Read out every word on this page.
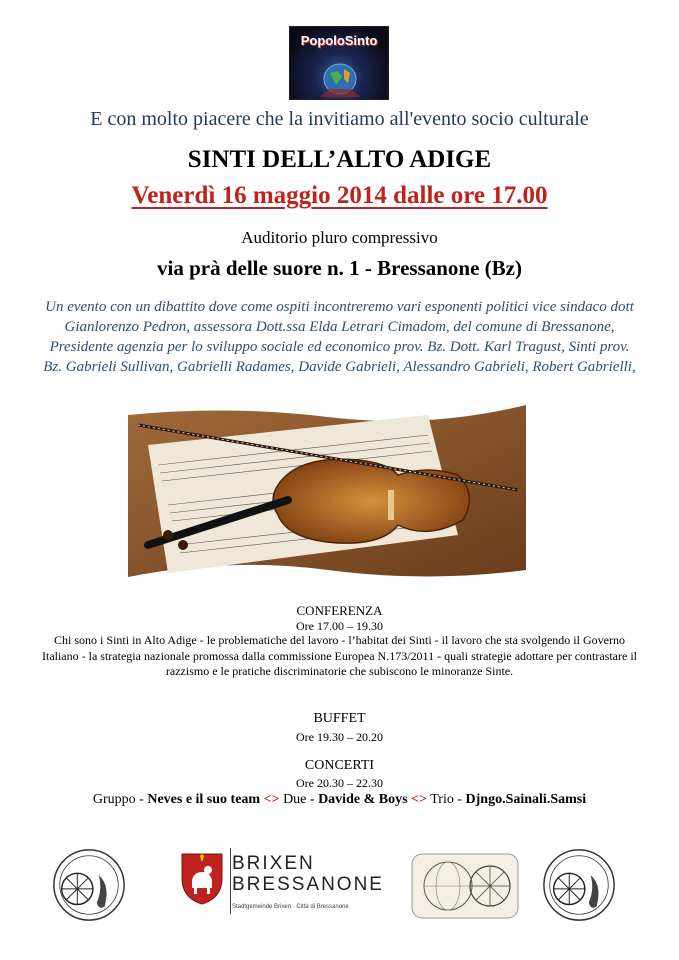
PopoloSinto
E con molto piacere che la invitiamo all'evento socio culturale
SINTI DELL’ALTO ADIGE
Venerdì 16 maggio 2014 dalle ore 17.00
Auditorio pluro compressivo
via prà delle suore n. 1 - Bressanone (Bz)
Un evento con un dibattito dove come ospiti incontreremo vari esponenti politici vice sindaco dott Gianlorenzo Pedron, assessora Dott.ssa Elda Letrari Cimadom, del comune di Bressanone, Presidente agenzia per lo sviluppo sociale ed economico prov. Bz. Dott. Karl Tragust, Sinti prov. Bz. Gabrieli Sullivan, Gabrielli Radames, Davide Gabrieli, Alessandro Gabrieli, Robert Gabrielli,
CONFERENZA
Ore 17.00 – 19.30
Chi sono i Sinti in Alto Adige - le problematiche del lavoro - l’habitat dei Sinti - il lavoro che sta svolgendo il Governo Italiano - la strategia nazionale promossa dalla commissione Europea N.173/2011 - quali strategie adottare per contrastare il razzismo e le pratiche discriminatorie che subiscono le minoranze Sinte.
BUFFET
Ore 19.30 – 20.20
CONCERTI
Ore 20.30 – 22.30
Gruppo - Neves e il suo team <> Due - Davide & Boys <> Trio - Djngo.Sainali.Samsi
BRIXEN
BRESSANONE
Stadtgemeinde Brixen · Città di Bressanone
